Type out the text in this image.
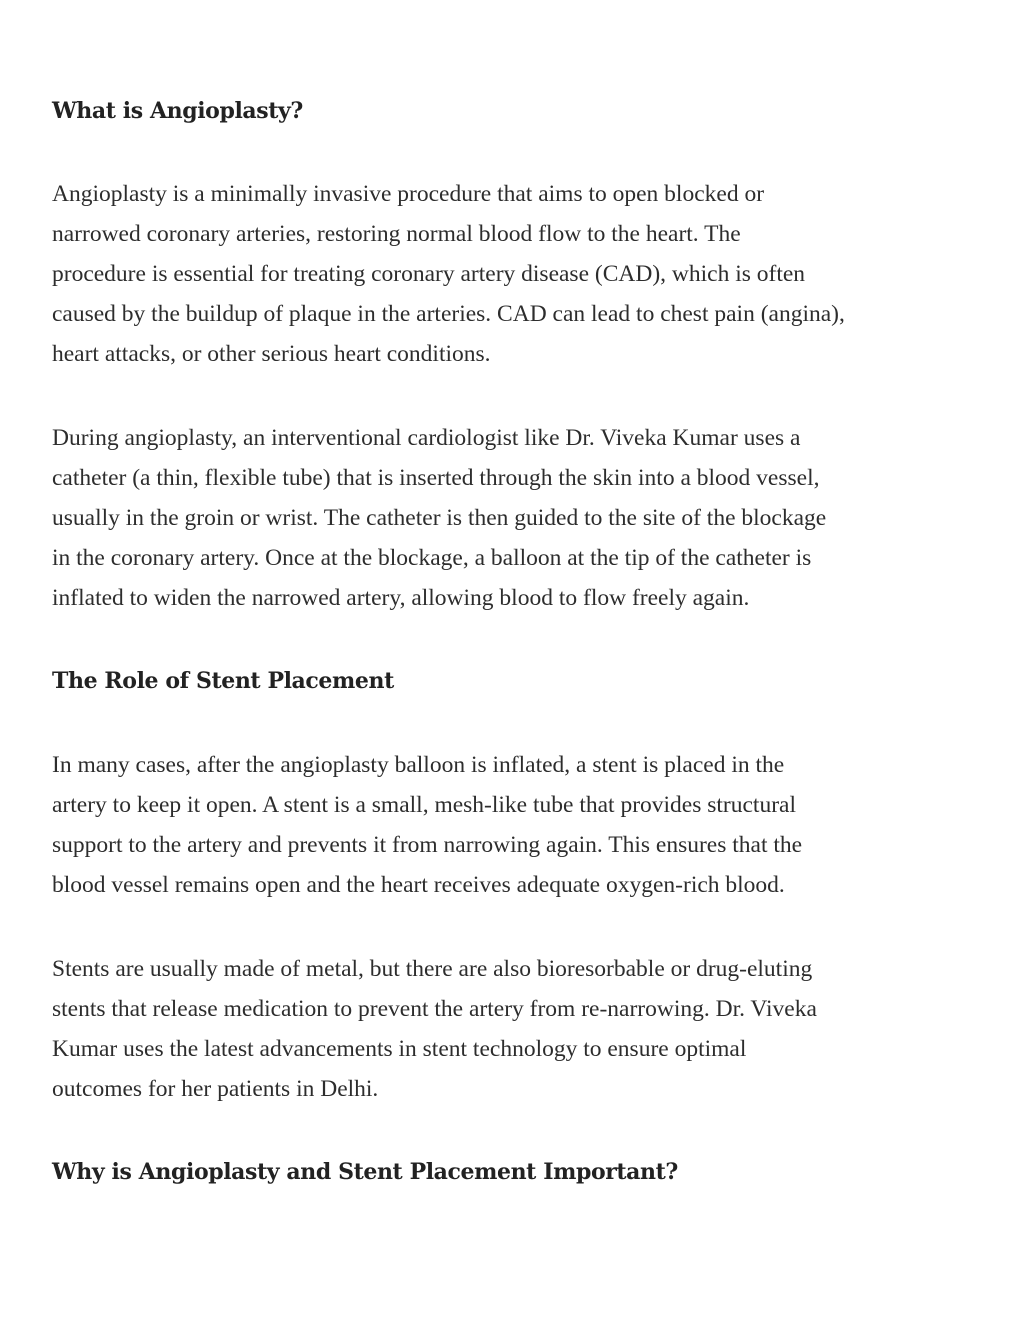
What is Angioplasty?

Angioplasty is a minimally invasive procedure that aims to open blocked or
narrowed coronary arteries, restoring normal blood flow to the heart. The
procedure is essential for treating coronary artery disease (CAD), which is often
caused by the buildup of plaque in the arteries. CAD can lead to chest pain (angina),
heart attacks, or other serious heart conditions.

During angioplasty, an interventional cardiologist like Dr. Viveka Kumar uses a
catheter (a thin, flexible tube) that is inserted through the skin into a blood vessel,
usually in the groin or wrist. The catheter is then guided to the site of the blockage
in the coronary artery. Once at the blockage, a balloon at the tip of the catheter is
inflated to widen the narrowed artery, allowing blood to flow freely again.

The Role of Stent Placement

In many cases, after the angioplasty balloon is inflated, a stent is placed in the
artery to keep it open. A stent is a small, mesh-like tube that provides structural
support to the artery and prevents it from narrowing again. This ensures that the
blood vessel remains open and the heart receives adequate oxygen-rich blood.

Stents are usually made of metal, but there are also bioresorbable or drug-eluting
stents that release medication to prevent the artery from re-narrowing. Dr. Viveka
Kumar uses the latest advancements in stent technology to ensure optimal
outcomes for her patients in Delhi.

Why is Angioplasty and Stent Placement Important?
